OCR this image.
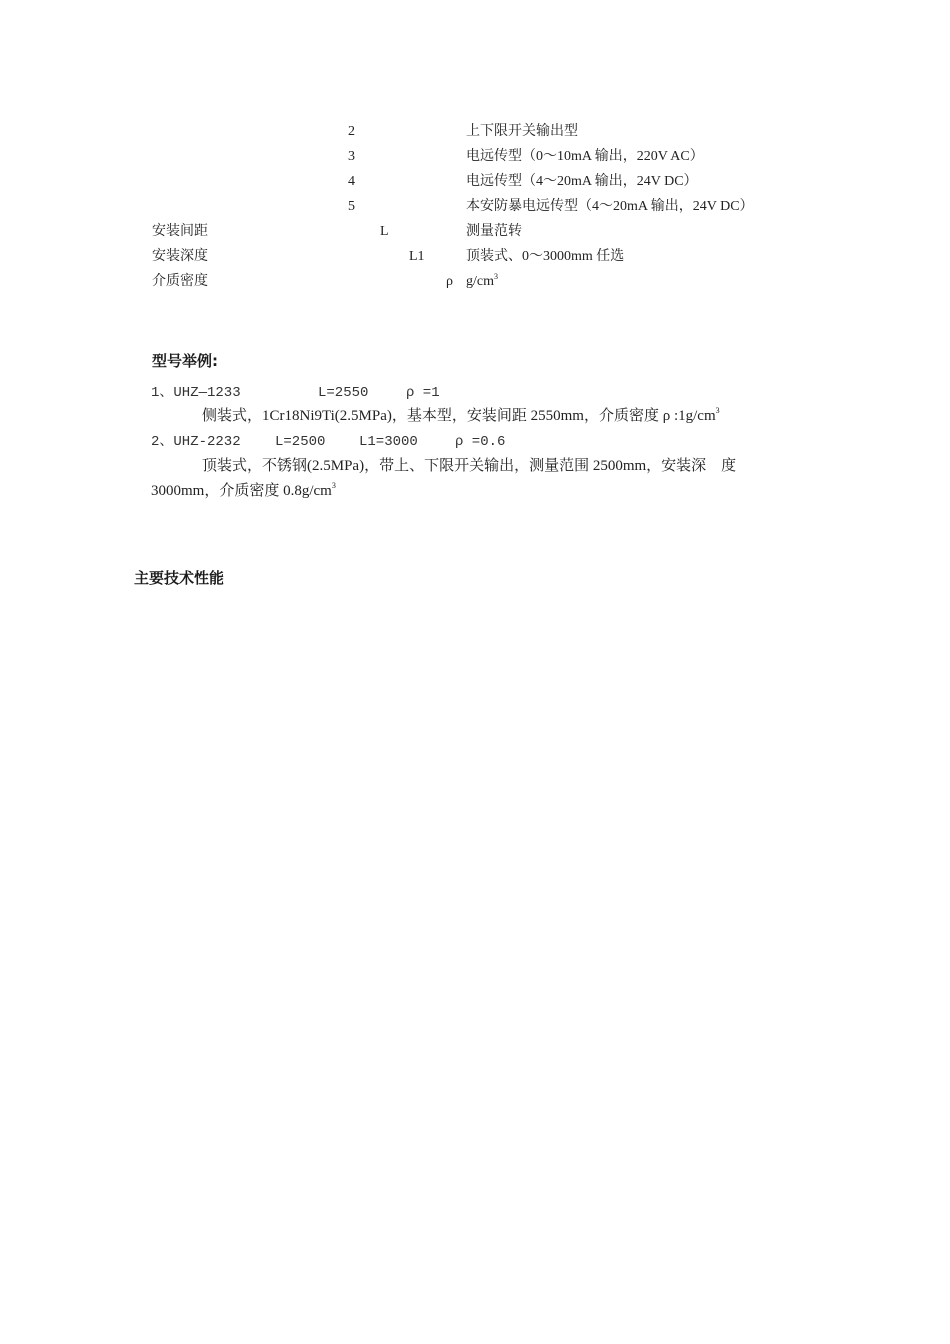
2	上下限开关输出型
3	电远传型（0～10mA 输出，220V AC）
4	电远传型（4～20mA 输出，24V DC）
5	本安防暴电远传型（4～20mA 输出，24V DC）
安装间距	L	测量范转
安装深度	L1	顶装式、0～3000mm 任选
介质密度	ρ $g/cm^3$
型号举例:
1、UHZ—1233	L=2550	ρ =1
侧装式，1Cr18Ni9Ti(2.5MPa)，基本型，安装间距 2550mm，介质密度 ρ $:1g/cm^3$
2、UHZ-2232 L=2500 L1=3000	ρ =0.6
顶装式，不锈钢(2.5MPa)，带上、下限开关输出，测量范围 2500mm，安装深　度
3000mm，介质密度 $0.8g/cm^3$
主要技术性能
